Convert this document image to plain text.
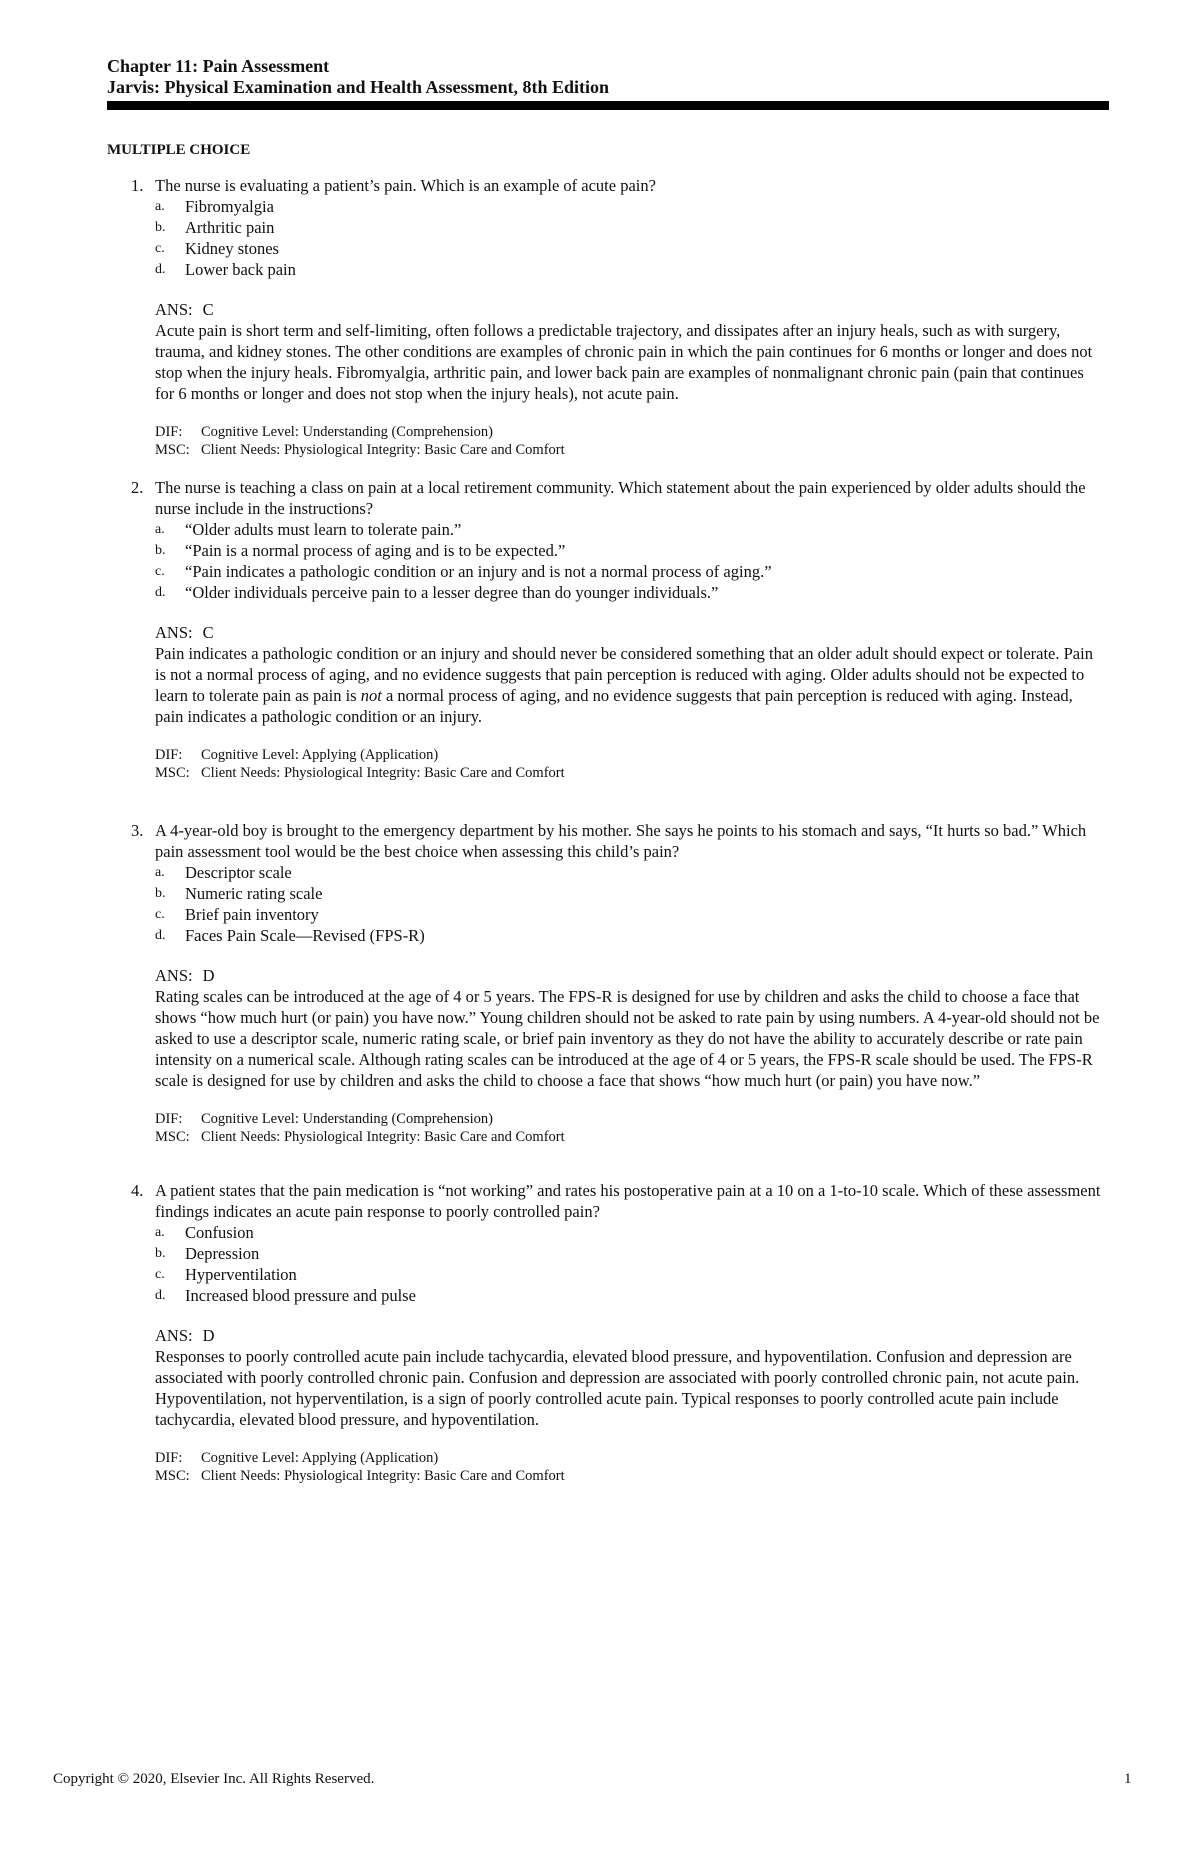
Chapter 11: Pain Assessment
Jarvis: Physical Examination and Health Assessment, 8th Edition
MULTIPLE CHOICE
1. The nurse is evaluating a patient’s pain. Which is an example of acute pain?
a.	Fibromyalgia
b.	Arthritic pain
c.	Kidney stones
d.	Lower back pain
ANS: C
Acute pain is short term and self-limiting, often follows a predictable trajectory, and dissipates after an injury heals, such as with surgery, trauma, and kidney stones. The other conditions are examples of chronic pain in which the pain continues for 6 months or longer and does not stop when the injury heals. Fibromyalgia, arthritic pain, and lower back pain are examples of nonmalignant chronic pain (pain that continues for 6 months or longer and does not stop when the injury heals), not acute pain.
DIF: Cognitive Level: Understanding (Comprehension)
MSC: Client Needs: Physiological Integrity: Basic Care and Comfort
2. The nurse is teaching a class on pain at a local retirement community. Which statement about the pain experienced by older adults should the nurse include in the instructions?
a.	“Older adults must learn to tolerate pain.”
b.	“Pain is a normal process of aging and is to be expected.”
c.	“Pain indicates a pathologic condition or an injury and is not a normal process of aging.”
d.	“Older individuals perceive pain to a lesser degree than do younger individuals.”
ANS: C
Pain indicates a pathologic condition or an injury and should never be considered something that an older adult should expect or tolerate. Pain is not a normal process of aging, and no evidence suggests that pain perception is reduced with aging. Older adults should not be expected to learn to tolerate pain as pain is not a normal process of aging, and no evidence suggests that pain perception is reduced with aging. Instead, pain indicates a pathologic condition or an injury.
DIF: Cognitive Level: Applying (Application)
MSC: Client Needs: Physiological Integrity: Basic Care and Comfort
3. A 4-year-old boy is brought to the emergency department by his mother. She says he points to his stomach and says, “It hurts so bad.” Which pain assessment tool would be the best choice when assessing this child’s pain?
a.	Descriptor scale
b.	Numeric rating scale
c.	Brief pain inventory
d.	Faces Pain Scale—Revised (FPS-R)
ANS: D
Rating scales can be introduced at the age of 4 or 5 years. The FPS-R is designed for use by children and asks the child to choose a face that shows “how much hurt (or pain) you have now.” Young children should not be asked to rate pain by using numbers. A 4-year-old should not be asked to use a descriptor scale, numeric rating scale, or brief pain inventory as they do not have the ability to accurately describe or rate pain intensity on a numerical scale. Although rating scales can be introduced at the age of 4 or 5 years, the FPS-R scale should be used. The FPS-R scale is designed for use by children and asks the child to choose a face that shows “how much hurt (or pain) you have now.”
DIF: Cognitive Level: Understanding (Comprehension)
MSC: Client Needs: Physiological Integrity: Basic Care and Comfort
4. A patient states that the pain medication is “not working” and rates his postoperative pain at a 10 on a 1-to-10 scale. Which of these assessment findings indicates an acute pain response to poorly controlled pain?
a.	Confusion
b.	Depression
c.	Hyperventilation
d.	Increased blood pressure and pulse
ANS: D
Responses to poorly controlled acute pain include tachycardia, elevated blood pressure, and hypoventilation. Confusion and depression are associated with poorly controlled chronic pain. Confusion and depression are associated with poorly controlled chronic pain, not acute pain. Hypoventilation, not hyperventilation, is a sign of poorly controlled acute pain. Typical responses to poorly controlled acute pain include tachycardia, elevated blood pressure, and hypoventilation.
DIF: Cognitive Level: Applying (Application)
MSC: Client Needs: Physiological Integrity: Basic Care and Comfort
Copyright © 2020, Elsevier Inc. All Rights Reserved.	1
